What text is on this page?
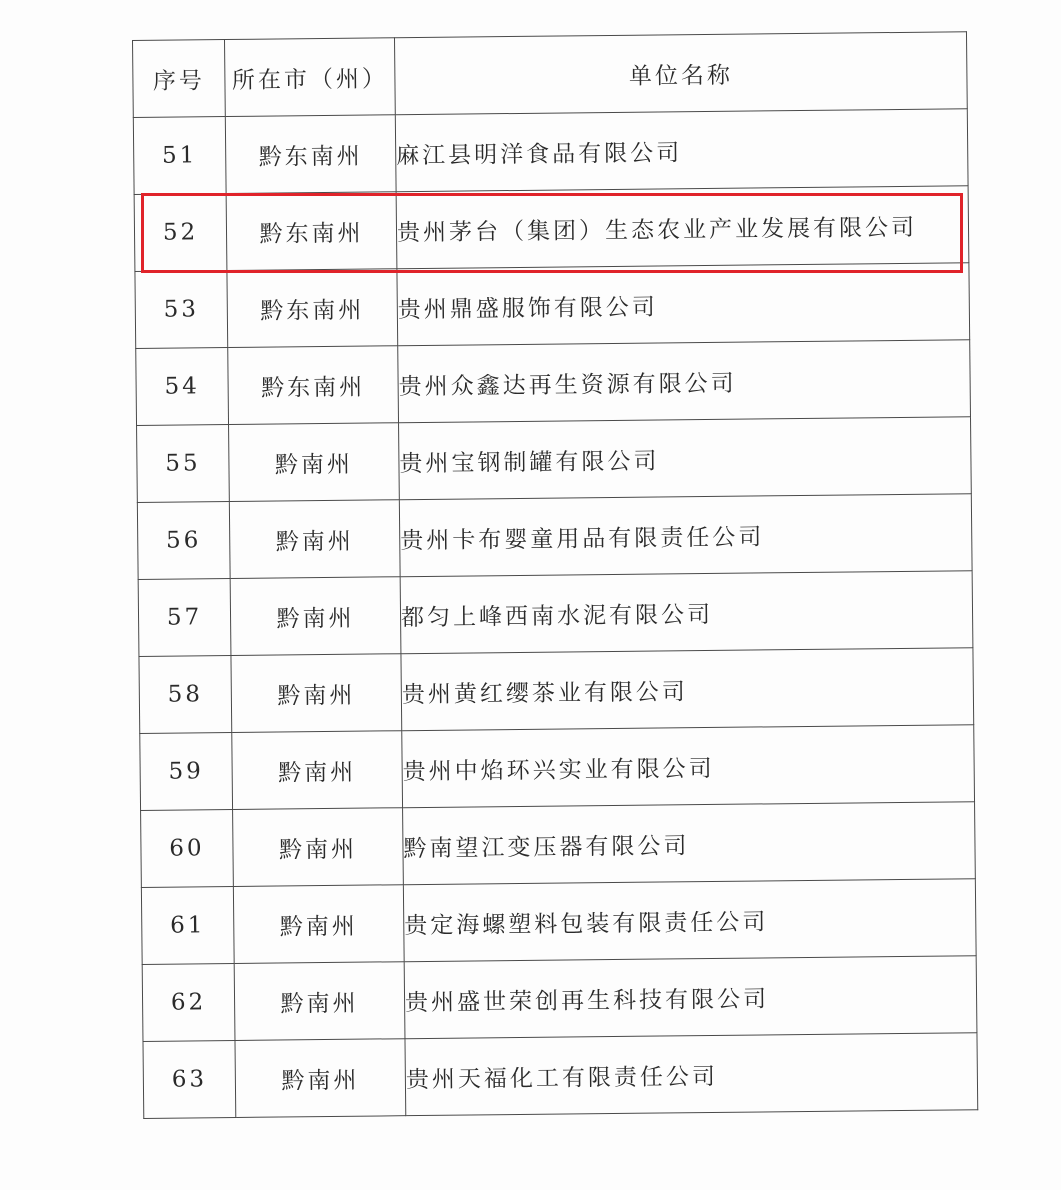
序号	所在市（州）	单位名称
51	黔东南州	麻江县明洋食品有限公司
52	黔东南州	贵州茅台（集团）生态农业产业发展有限公司
53	黔东南州	贵州鼎盛服饰有限公司
54	黔东南州	贵州众鑫达再生资源有限公司
55	黔南州	贵州宝钢制罐有限公司
56	黔南州	贵州卡布婴童用品有限责任公司
57	黔南州	都匀上峰西南水泥有限公司
58	黔南州	贵州黄红缨茶业有限公司
59	黔南州	贵州中焰环兴实业有限公司
60	黔南州	黔南望江变压器有限公司
61	黔南州	贵定海螺塑料包装有限责任公司
62	黔南州	贵州盛世荣创再生科技有限公司
63	黔南州	贵州天福化工有限责任公司
